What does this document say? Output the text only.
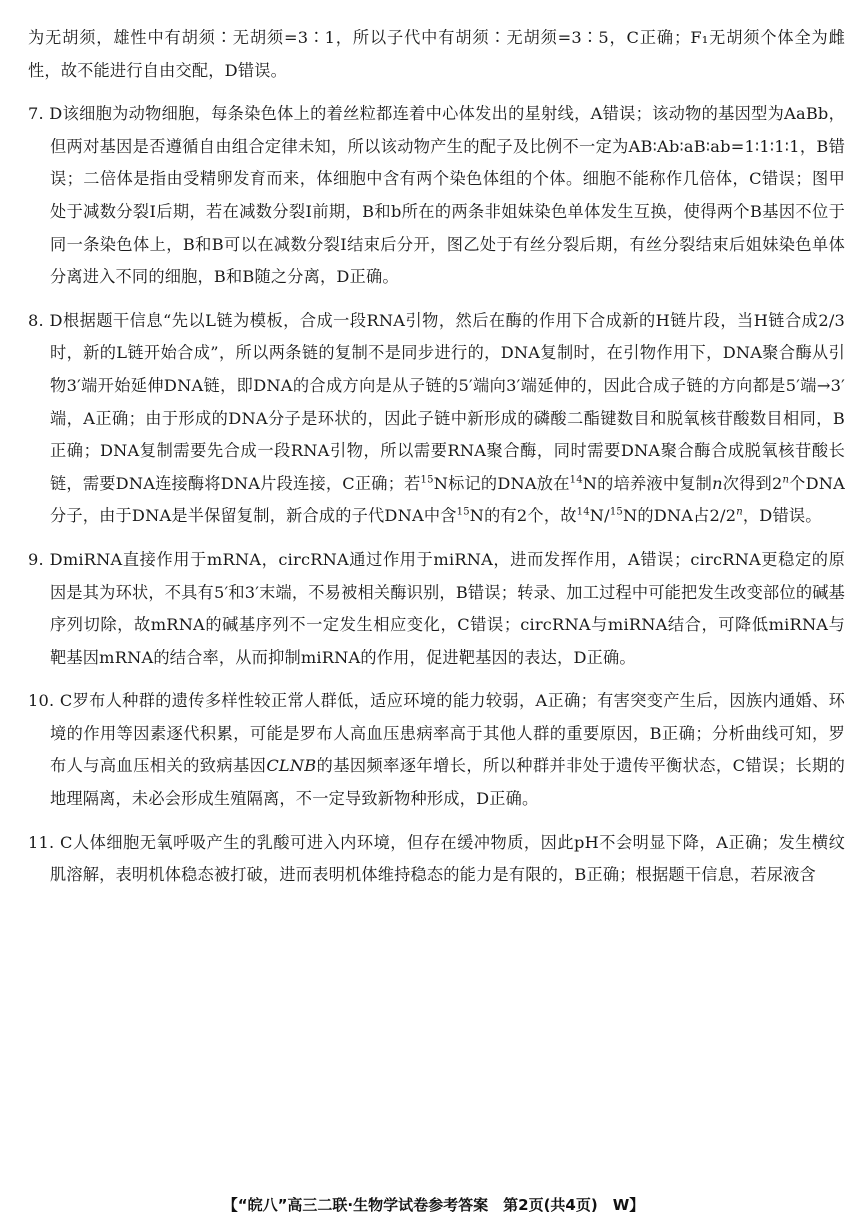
为无胡须，雄性中有胡须∶无胡须=3∶1，所以子代中有胡须∶无胡须=3∶5，C正确；F₁无胡须个体全为雌性，故不能进行自由交配，D错误。

7. D该细胞为动物细胞，每条染色体上的着丝粒都连着中心体发出的星射线，A错误；该动物的基因型为AaBb，但两对基因是否遵循自由组合定律未知，所以该动物产生的配子及比例不一定为AB∶Ab∶aB∶ab=1∶1∶1∶1，B错误；二倍体是指由受精卵发育而来，体细胞中含有两个染色体组的个体。细胞不能称作几倍体，C错误；图甲处于减数分裂Ⅰ后期，若在减数分裂Ⅰ前期，B和b所在的两条非姐妹染色单体发生互换，使得两个B基因不位于同一条染色体上，B和B可以在减数分裂Ⅰ结束后分开，图乙处于有丝分裂后期，有丝分裂结束后姐妹染色单体分离进入不同的细胞，B和B随之分离，D正确。

8. D根据题干信息“先以L链为模板，合成一段RNA引物，然后在酶的作用下合成新的H链片段，当H链合成2/3时，新的L链开始合成”，所以两条链的复制不是同步进行的，DNA复制时，在引物作用下，DNA聚合酶从引物3′端开始延伸DNA链，即DNA的合成方向是从子链的5′端向3′端延伸的，因此合成子链的方向都是5′端→3′端，A正确；由于形成的DNA分子是环状的，因此子链中新形成的磷酸二酯键数目和脱氧核苷酸数目相同，B正确；DNA复制需要先合成一段RNA引物，所以需要RNA聚合酶，同时需要DNA聚合酶合成脱氧核苷酸长链，需要DNA连接酶将DNA片段连接，C正确；若$^{15}$N标记的DNA放在$^{14}$N的培养液中复制n次得到2$^n$个DNA分子，由于DNA是半保留复制，新合成的子代DNA中含$^{15}$N的有2个，故$^{14}$N/$^{15}$N的DNA占2/2$^n$，D错误。

9. DmiRNA直接作用于mRNA，circRNA通过作用于miRNA，进而发挥作用，A错误；circRNA更稳定的原因是其为环状，不具有5′和3′末端，不易被相关酶识别，B错误；转录、加工过程中可能把发生改变部位的碱基序列切除，故mRNA的碱基序列不一定发生相应变化，C错误；circRNA与miRNA结合，可降低miRNA与靶基因mRNA的结合率，从而抑制miRNA的作用，促进靶基因的表达，D正确。

10. C罗布人种群的遗传多样性较正常人群低，适应环境的能力较弱，A正确；有害突变产生后，因族内通婚、环境的作用等因素逐代积累，可能是罗布人高血压患病率高于其他人群的重要原因，B正确；分析曲线可知，罗布人与高血压相关的致病基因CLNB的基因频率逐年增长，所以种群并非处于遗传平衡状态，C错误；长期的地理隔离，未必会形成生殖隔离，不一定导致新物种形成，D正确。

11. C人体细胞无氧呼吸产生的乳酸可进入内环境，但存在缓冲物质，因此pH不会明显下降，A正确；发生横纹肌溶解，表明机体稳态被打破，进而表明机体维持稳态的能力是有限的，B正确；根据题干信息，若尿液含

【“皖八”高三二联·生物学试卷参考答案　第2页(共4页)　W】
